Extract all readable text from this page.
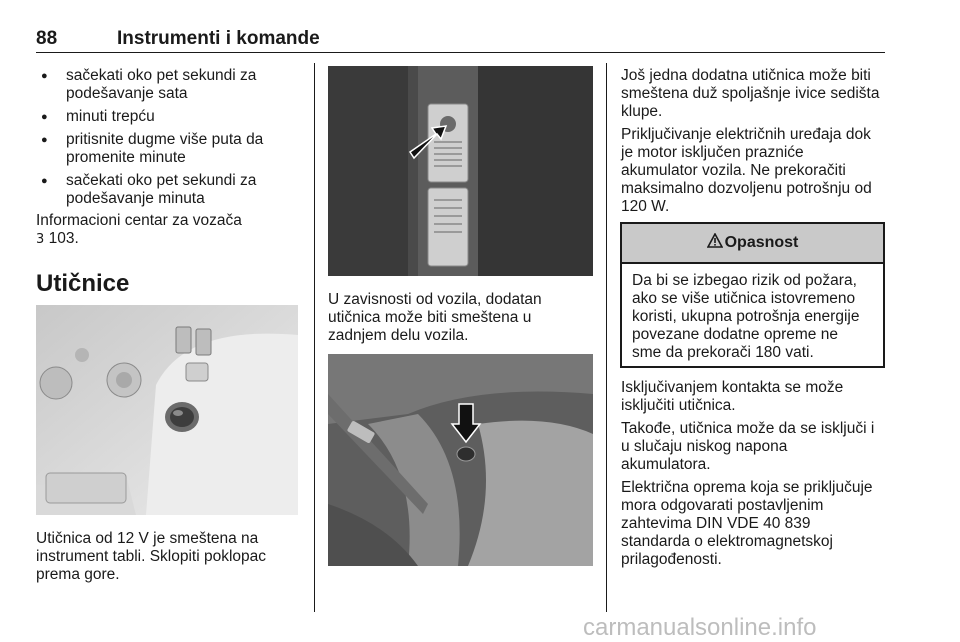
88	Instrumenti i komande
● sačekati oko pet sekundi za podešavanje sata
● minuti trepću
● pritisnite dugme više puta da promenite minute
● sačekati oko pet sekundi za podešavanje minuta
Informacioni centar za vozača
3 103.
Utičnice
Utičnica od 12 V je smeštena na
instrument tabli. Sklopiti poklopac
prema gore.
U zavisnosti od vozila, dodatan
utičnica može biti smeštena u
zadnjem delu vozila.
Još jedna dodatna utičnica može biti
smeštena duž spoljašnje ivice sedišta
klupe.
Priključivanje električnih uređaja dok
je motor isključen prazniće
akumulator vozila. Ne prekoračiti
maksimalno dozvoljenu potrošnju od
120 W.
Opasnost
Da bi se izbegao rizik od požara,
ako se više utičnica istovremeno
koristi, ukupna potrošnja energije
povezane dodatne opreme ne
sme da prekorači 180 vati.
Isključivanjem kontakta se može
isključiti utičnica.
Takođe, utičnica može da se isključi i
u slučaju niskog napona
akumulatora.
Električna oprema koja se priključuje
mora odgovarati postavljenim
zahtevima DIN VDE 40 839
standarda o elektromagnetskoj
prilagođenosti.
carmanualsonline.info
